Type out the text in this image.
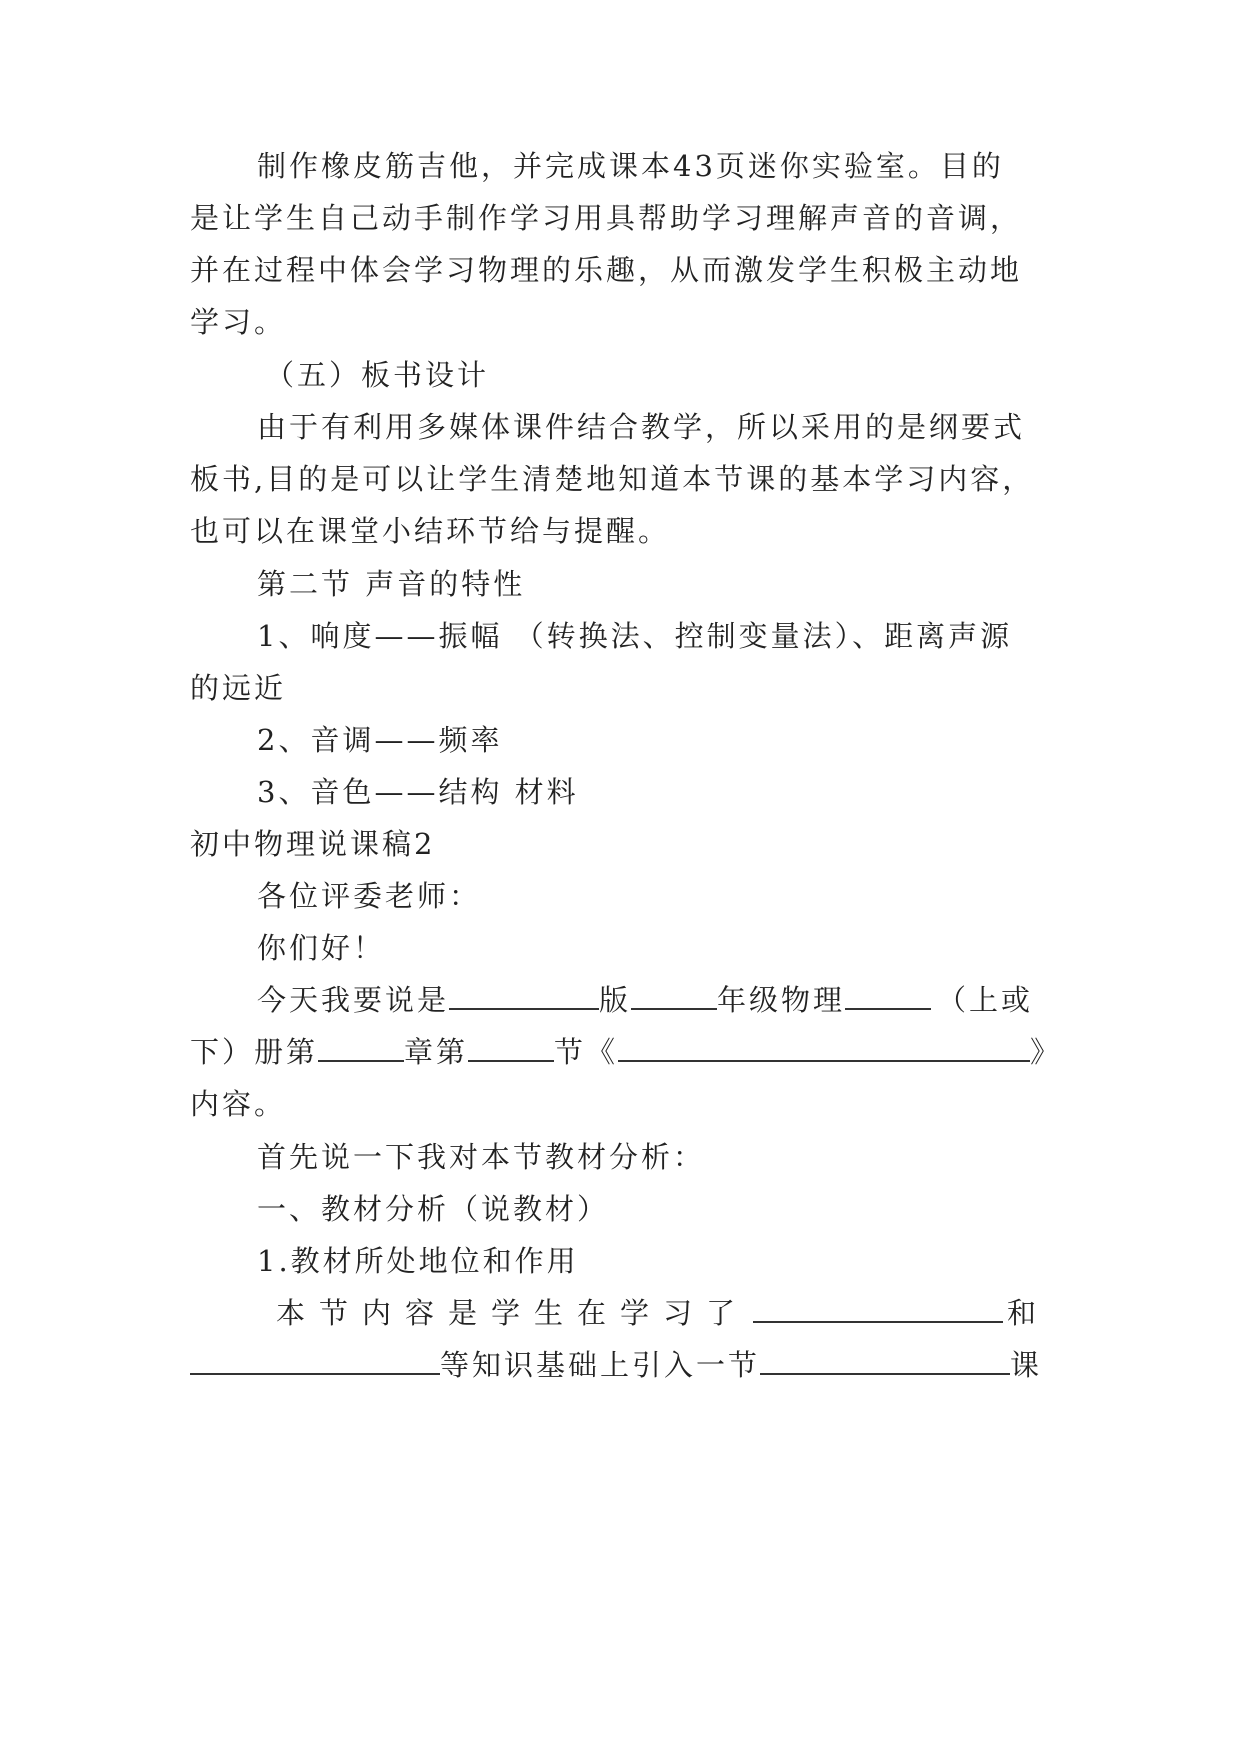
制作橡皮筋吉他，并完成课本43页迷你实验室。目的
是让学生自己动手制作学习用具帮助学习理解声音的音调，
并在过程中体会学习物理的乐趣，从而激发学生积极主动地
学习。
（五）板书设计
由于有利用多媒体课件结合教学，所以采用的是纲要式
板书,目的是可以让学生清楚地知道本节课的基本学习内容，
也可以在课堂小结环节给与提醒。
第二节 声音的特性
1、响度——振幅 （转换法、控制变量法）、距离声源
的远近
2、音调——频率
3、音色——结构 材料
初中物理说课稿2
各位评委老师：
你们好！
今天我要说是	版	年级物理	（上或
下）册第	章第	节《	》
内容。
首先说一下我对本节教材分析：
一、教材分析（说教材）
1.教材所处地位和作用
本节内容是学生在学习了	和
等知识基础上引入一节	课
